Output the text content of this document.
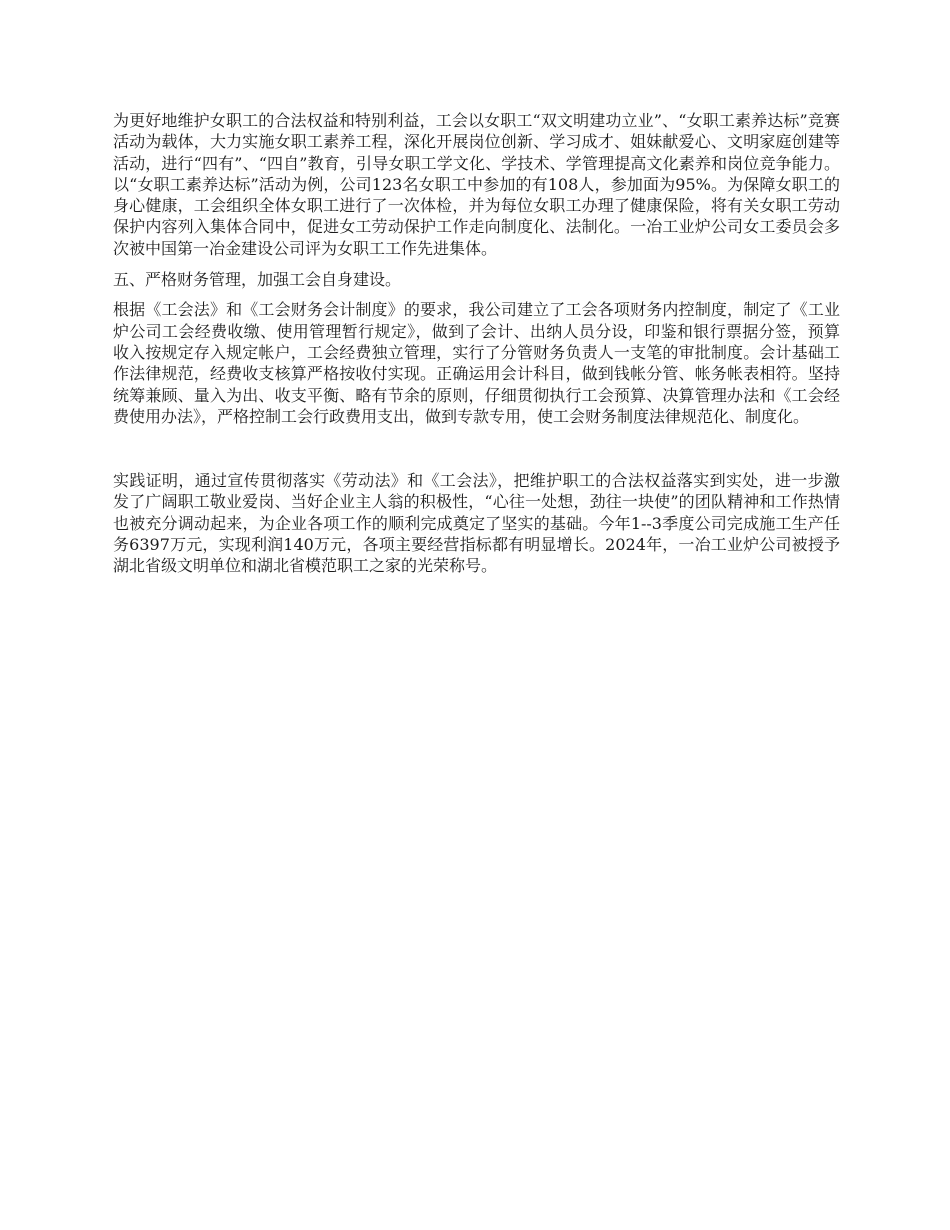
为更好地维护女职工的合法权益和特别利益，工会以女职工“双文明建功立业”、“女职工素养达标”竞赛活动为载体，大力实施女职工素养工程，深化开展岗位创新、学习成才、姐妹献爱心、文明家庭创建等活动，进行“四有”、“四自”教育，引导女职工学文化、学技术、学管理提高文化素养和岗位竞争能力。以“女职工素养达标”活动为例，公司123名女职工中参加的有108人，参加面为95%。为保障女职工的身心健康，工会组织全体女职工进行了一次体检，并为每位女职工办理了健康保险，将有关女职工劳动保护内容列入集体合同中，促进女工劳动保护工作走向制度化、法制化。一冶工业炉公司女工委员会多次被中国第一冶金建设公司评为女职工工作先进集体。

五、严格财务管理，加强工会自身建设。

根据《工会法》和《工会财务会计制度》的要求，我公司建立了工会各项财务内控制度，制定了《工业炉公司工会经费收缴、使用管理暂行规定》，做到了会计、出纳人员分设，印鉴和银行票据分签，预算收入按规定存入规定帐户，工会经费独立管理，实行了分管财务负责人一支笔的审批制度。会计基础工作法律规范，经费收支核算严格按收付实现。正确运用会计科目，做到钱帐分管、帐务帐表相符。坚持统筹兼顾、量入为出、收支平衡、略有节余的原则，仔细贯彻执行工会预算、决算管理办法和《工会经费使用办法》，严格控制工会行政费用支出，做到专款专用，使工会财务制度法律规范化、制度化。

实践证明，通过宣传贯彻落实《劳动法》和《工会法》，把维护职工的合法权益落实到实处，进一步激发了广阔职工敬业爱岗、当好企业主人翁的积极性，“心往一处想，劲往一块使”的团队精神和工作热情也被充分调动起来，为企业各项工作的顺利完成奠定了坚实的基础。今年1--3季度公司完成施工生产任务6397万元，实现利润140万元，各项主要经营指标都有明显增长。2024年，一冶工业炉公司被授予湖北省级文明单位和湖北省模范职工之家的光荣称号。
